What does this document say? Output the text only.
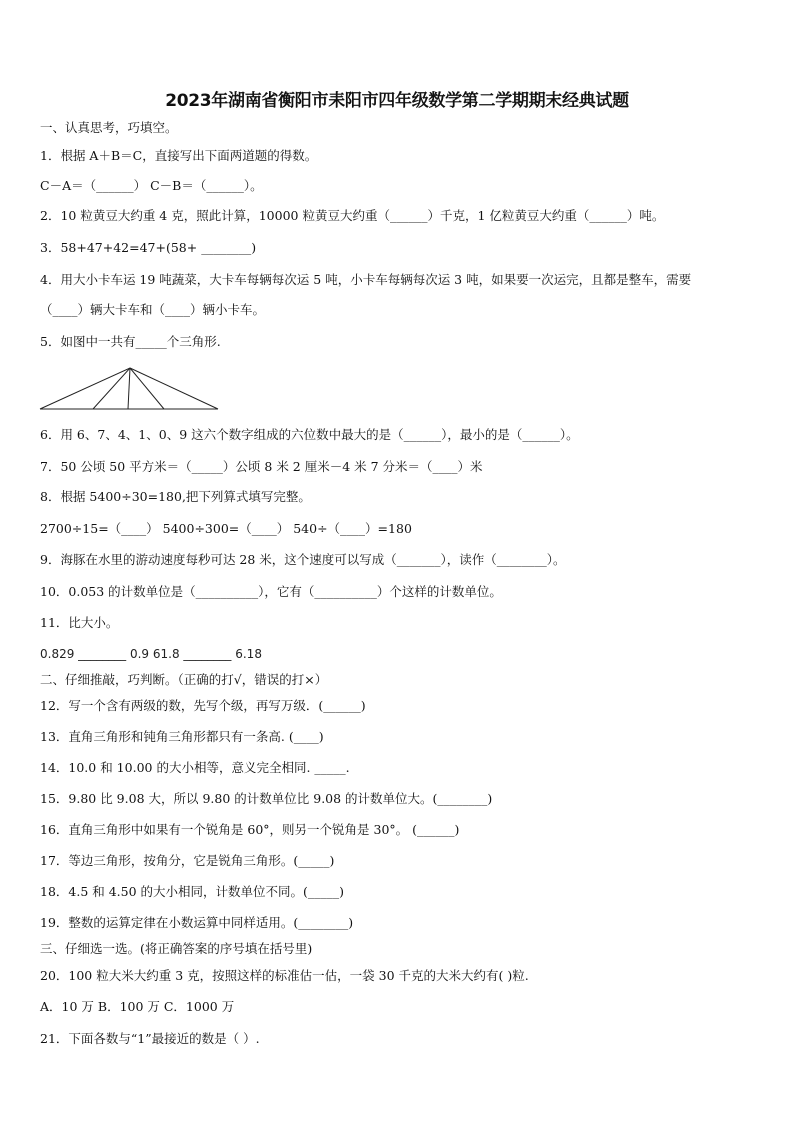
2023年湖南省衡阳市耒阳市四年级数学第二学期期末经典试题
一、认真思考，巧填空。
1．根据 A＋B＝C，直接写出下面两道题的得数。
C－A＝（______） C－B＝（______）。
2．10 粒黄豆大约重 4 克，照此计算，10000 粒黄豆大约重（______）千克，1 亿粒黄豆大约重（______）吨。
3．58+47+42=47+(58+ ________)
4．用大小卡车运 19 吨蔬菜，大卡车每辆每次运 5 吨，小卡车每辆每次运 3 吨，如果要一次运完，且都是整车，需要
（____）辆大卡车和（____）辆小卡车。
5．如图中一共有_____个三角形.
6．用 6、7、4、1、0、9 这六个数字组成的六位数中最大的是（______），最小的是（______）。
7．50 公顷 50 平方米＝（_____）公顷 8 米 2 厘米－4 米 7 分米＝（____）米
8．根据 5400÷30=180,把下列算式填写完整。
2700÷15=（____） 5400÷300=（____） 540÷（____）=180
9．海豚在水里的游动速度每秒可达 28 米，这个速度可以写成（_______），读作（________）。
10．0.053 的计数单位是（__________），它有（__________）个这样的计数单位。
11．比大小。
0.829 ________ 0.9 61.8 ________ 6.18
二、仔细推敲，巧判断。（正确的打√，错误的打×）
12．写一个含有两级的数，先写个级，再写万级．(______)
13．直角三角形和钝角三角形都只有一条高. (____)
14．10.0 和 10.00 的大小相等，意义完全相同. _____.
15．9.80 比 9.08 大，所以 9.80 的计数单位比 9.08 的计数单位大。(________)
16．直角三角形中如果有一个锐角是 60°，则另一个锐角是 30°。 (______)
17．等边三角形，按角分，它是锐角三角形。(_____)
18．4.5 和 4.50 的大小相同，计数单位不同。(_____)
19．整数的运算定律在小数运算中同样适用。(________)
三、仔细选一选。(将正确答案的序号填在括号里)
20．100 粒大米大约重 3 克，按照这样的标准估一估，一袋 30 千克的大米大约有( )粒.
A．10 万 B．100 万 C．1000 万
21．下面各数与“1”最接近的数是（ ）.
